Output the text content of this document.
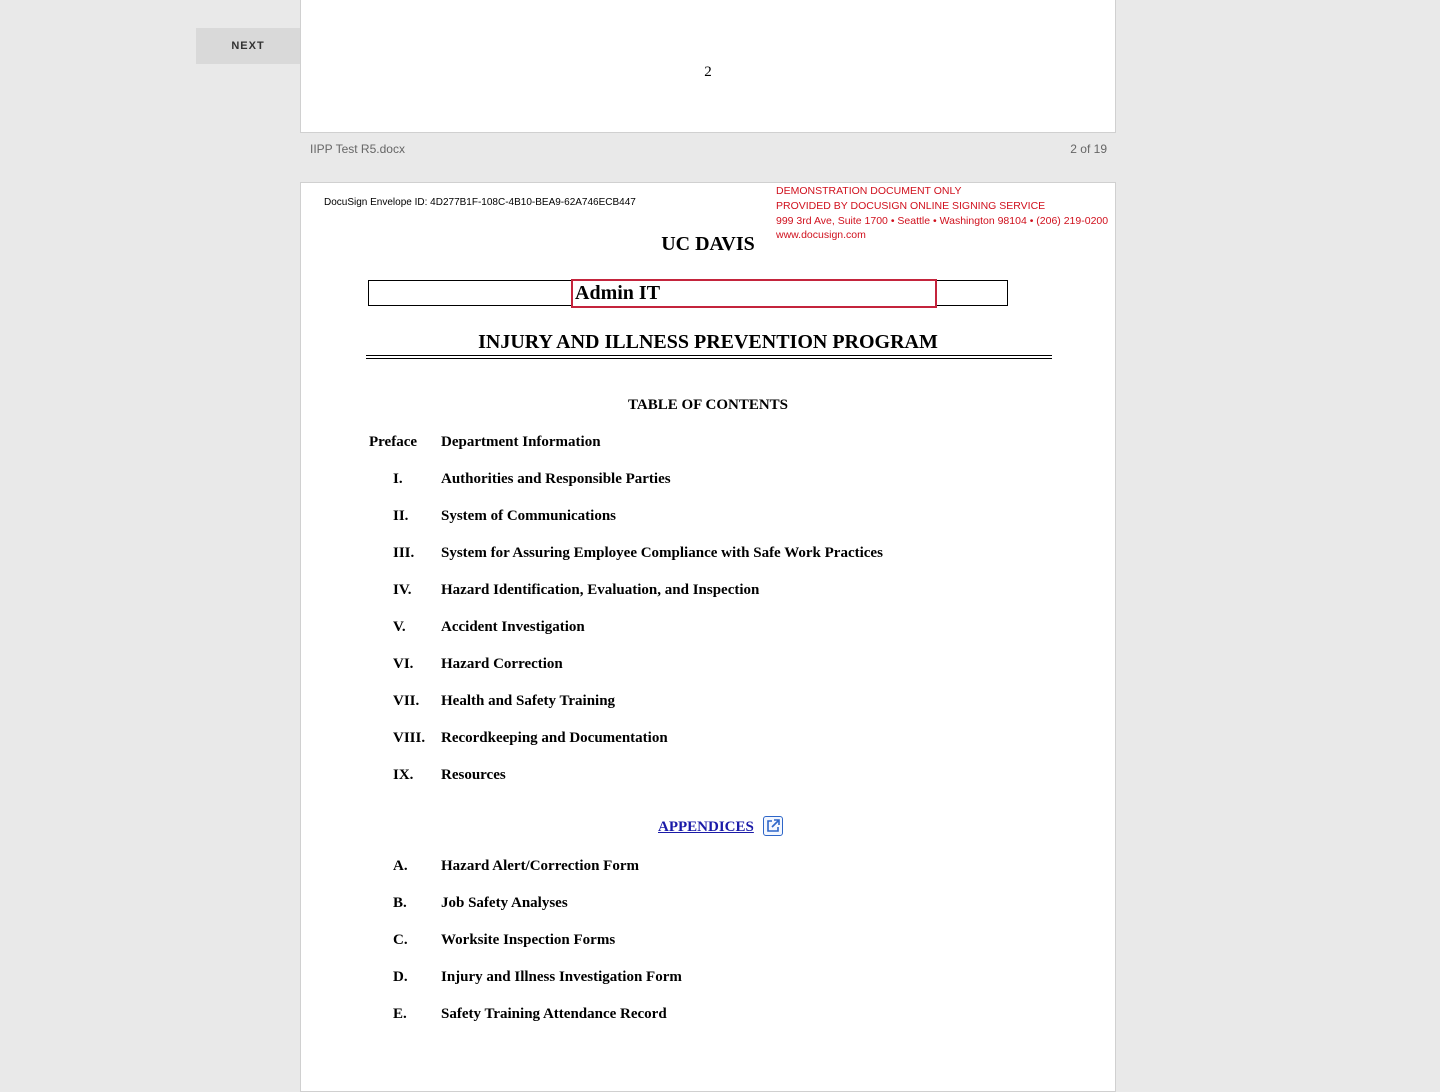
NEXT
2
IIPP Test R5.docx	2 of 19
DocuSign Envelope ID: 4D277B1F-108C-4B10-BEA9-62A746ECB447
DEMONSTRATION DOCUMENT ONLY
PROVIDED BY DOCUSIGN ONLINE SIGNING SERVICE
999 3rd Ave, Suite 1700 • Seattle • Washington 98104 • (206) 219-0200
www.docusign.com
UC DAVIS
Admin IT
INJURY AND ILLNESS PREVENTION PROGRAM
TABLE OF CONTENTS
Preface Department Information
I.	Authorities and Responsible Parties
II. System of Communications
III. System for Assuring Employee Compliance with Safe Work Practices
IV. Hazard Identification, Evaluation, and Inspection
V. Accident Investigation
VI. Hazard Correction
VII. Health and Safety Training
VIII. Recordkeeping and Documentation
IX. Resources
APPENDICES
A. Hazard Alert/Correction Form
B. Job Safety Analyses
C. Worksite Inspection Forms
D. Injury and Illness Investigation Form
E. Safety Training Attendance Record
